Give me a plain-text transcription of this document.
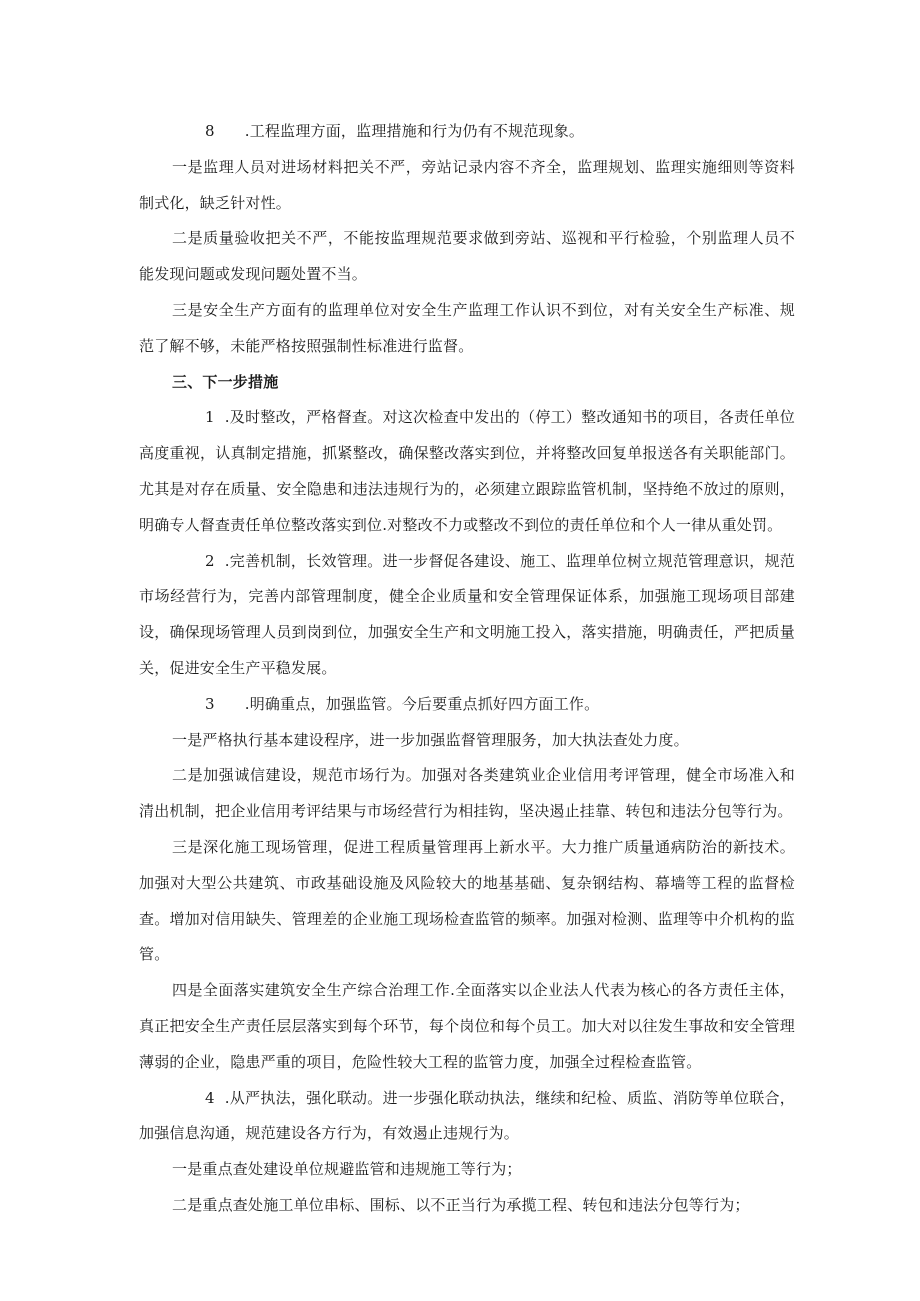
8 .工程监理方面，监理措施和行为仍有不规范现象。

一是监理人员对进场材料把关不严，旁站记录内容不齐全，监理规划、监理实施细则等资料制式化，缺乏针对性。

二是质量验收把关不严，不能按监理规范要求做到旁站、巡视和平行检验，个别监理人员不能发现问题或发现问题处置不当。

三是安全生产方面有的监理单位对安全生产监理工作认识不到位，对有关安全生产标准、规范了解不够，未能严格按照强制性标准进行监督。

三、下一步措施

1 .及时整改，严格督查。对这次检查中发出的（停工）整改通知书的项目，各责任单位高度重视，认真制定措施，抓紧整改，确保整改落实到位，并将整改回复单报送各有关职能部门。尤其是对存在质量、安全隐患和违法违规行为的，必须建立跟踪监管机制，坚持绝不放过的原则，明确专人督查责任单位整改落实到位.对整改不力或整改不到位的责任单位和个人一律从重处罚。

2 .完善机制，长效管理。进一步督促各建设、施工、监理单位树立规范管理意识，规范市场经营行为，完善内部管理制度，健全企业质量和安全管理保证体系，加强施工现场项目部建设，确保现场管理人员到岗到位，加强安全生产和文明施工投入，落实措施，明确责任，严把质量关，促进安全生产平稳发展。

3 .明确重点，加强监管。今后要重点抓好四方面工作。

一是严格执行基本建设程序，进一步加强监督管理服务，加大执法查处力度。

二是加强诚信建设，规范市场行为。加强对各类建筑业企业信用考评管理，健全市场准入和清出机制，把企业信用考评结果与市场经营行为相挂钩，坚决遏止挂靠、转包和违法分包等行为。

三是深化施工现场管理，促进工程质量管理再上新水平。大力推广质量通病防治的新技术。加强对大型公共建筑、市政基础设施及风险较大的地基基础、复杂钢结构、幕墙等工程的监督检查。增加对信用缺失、管理差的企业施工现场检查监管的频率。加强对检测、监理等中介机构的监管。

四是全面落实建筑安全生产综合治理工作.全面落实以企业法人代表为核心的各方责任主体，真正把安全生产责任层层落实到每个环节，每个岗位和每个员工。加大对以往发生事故和安全管理薄弱的企业，隐患严重的项目，危险性较大工程的监管力度，加强全过程检查监管。

4 .从严执法，强化联动。进一步强化联动执法，继续和纪检、质监、消防等单位联合，加强信息沟通，规范建设各方行为，有效遏止违规行为。

一是重点查处建设单位规避监管和违规施工等行为；

二是重点查处施工单位串标、围标、以不正当行为承揽工程、转包和违法分包等行为；
